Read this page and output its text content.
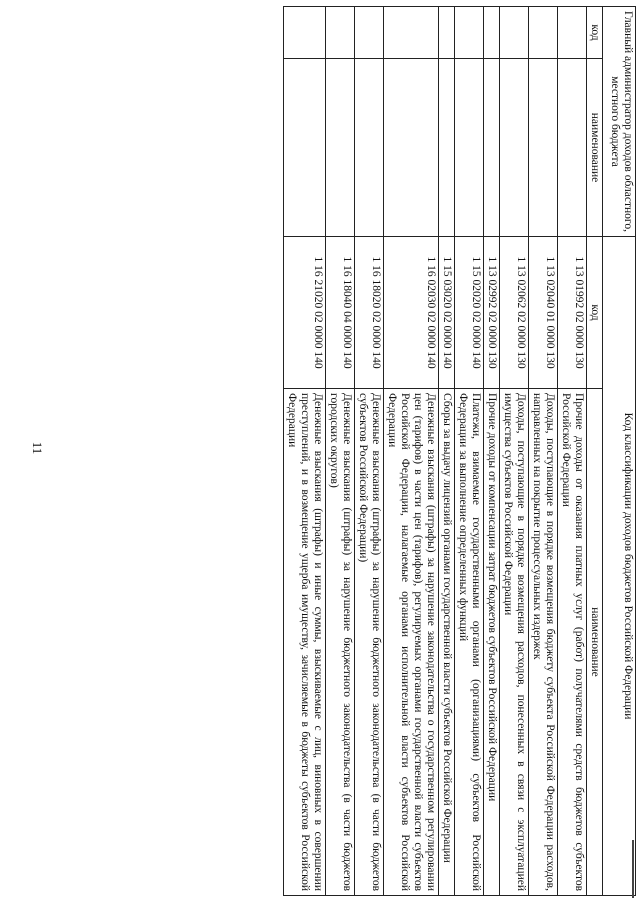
11
Главный администратор доходов областного, местного бюджета		Код классификации доходов бюджетов Российской Федерации	
код	наименование	код	наименование
		1 13 01992 02 0000 130	Прочие доходы от оказания платных услуг (работ) получателями средств бюджетов субъектов Российской Федерации
		1 13 02040 01 0000 130	Доходы, поступающие в порядке возмещения бюджету субъекта Российской Федерации расходов, направленных на покрытие процессуальных издержек
		1 13 02062 02 0000 130	Доходы, поступающие в порядке возмещения расходов, понесенных в связи с эксплуатацией имущества субъектов Российской Федерации
		1 13 02992 02 0000 130	Прочие доходы от компенсации затрат бюджетов субъектов Российской Федерации
		1 15 02020 02 0000 140	Платежи, взимаемые государственными органами (организациями) субъектов Российской Федерации за выполнение определенных функций
		1 15 03020 02 0000 140	Сборы за выдачу лицензий органами государственной власти субъектов Российской Федерации
		1 16 02030 02 0000 140	Денежные взыскания (штрафы) за нарушение законодательства о государственном регулировании цен (тарифов) в части цен (тарифов), регулируемых органами государственной власти субъектов Российской Федерации, налагаемые органами исполнительной власти субъектов Российской Федерации
		1 16 18020 02 0000 140	Денежные взыскания (штрафы) за нарушение бюджетного законодательства (в части бюджетов субъектов Российской Федерации)
		1 16 18040 04 0000 140	Денежные взыскания (штрафы) за нарушение бюджетного законодательства (в части бюджетов городских округов)
		1 16 21020 02 0000 140	Денежные взыскания (штрафы) и иные суммы, взыскиваемые с лиц, виновных в совершении преступлений, и в возмещение ущерба имуществу, зачисляемые в бюджеты субъектов Российской Федерации
